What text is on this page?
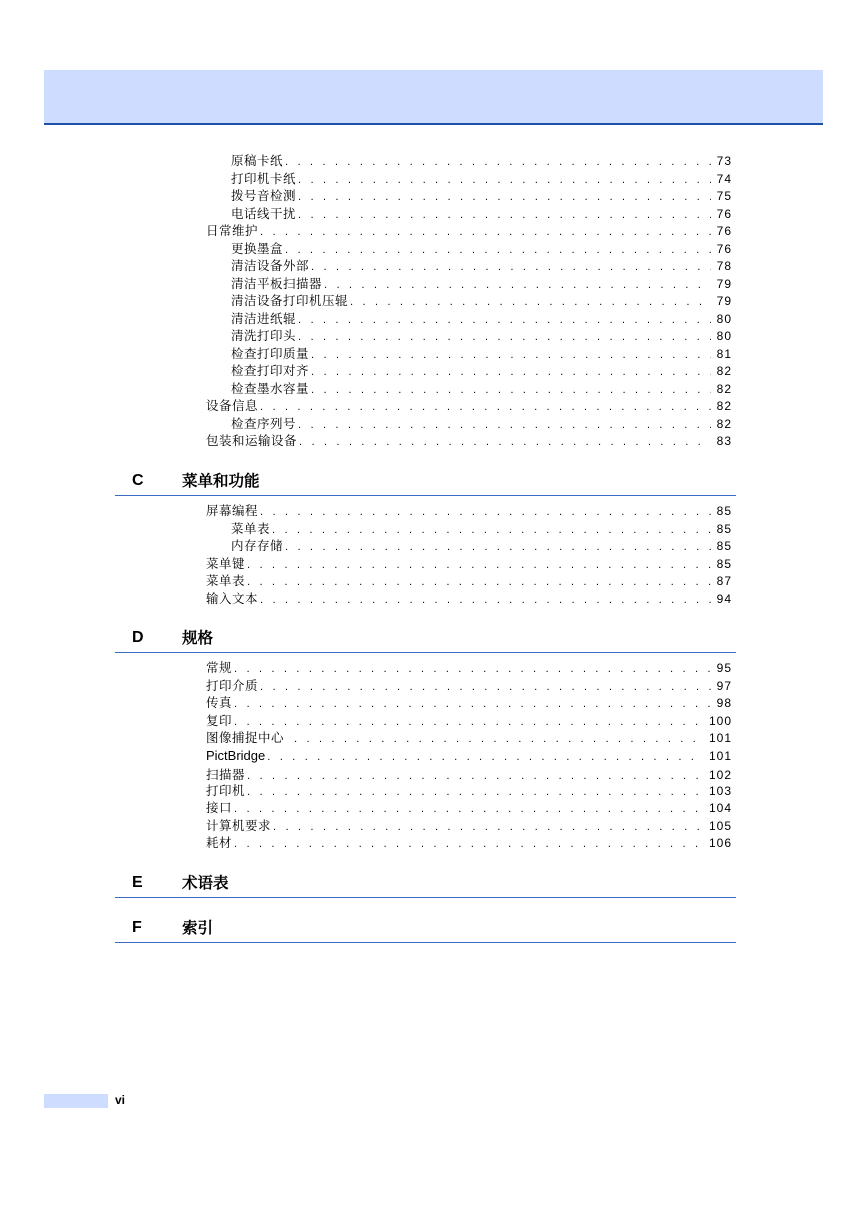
原稿卡纸 . . .	73
打印机卡纸 . . .	74
拨号音检测 . . .	75
电话线干扰 . . .	76
日常维护 . . .	76
更换墨盒 . . .	76
清洁设备外部 . . .	78
清洁平板扫描器 . . .	79
清洁设备打印机压辊 . . .	79
清洁进纸辊 . . .	80
清洗打印头 . . .	80
检查打印质量 . . .	81
检查打印对齐 . . .	82
检查墨水容量 . . .	82
设备信息 . . .	82
检查序列号 . . .	82
包装和运输设备 . . .	83
C 菜单和功能
屏幕编程 . . .	85
菜单表 . . .	85
内存存储 . . .	85
菜单键 . . .	85
菜单表 . . .	87
输入文本 . . .	94
D 规格
常规 . . .	95
打印介质 . . .	97
传真 . . .	98
复印 . . .	100
图像捕捉中心 . . .	101
PictBridge . . .	101
扫描器 . . .	102
打印机 . . .	103
接口 . . .	104
计算机要求 . . .	105
耗材 . . .	106
E	术语表
F	索引
vi
